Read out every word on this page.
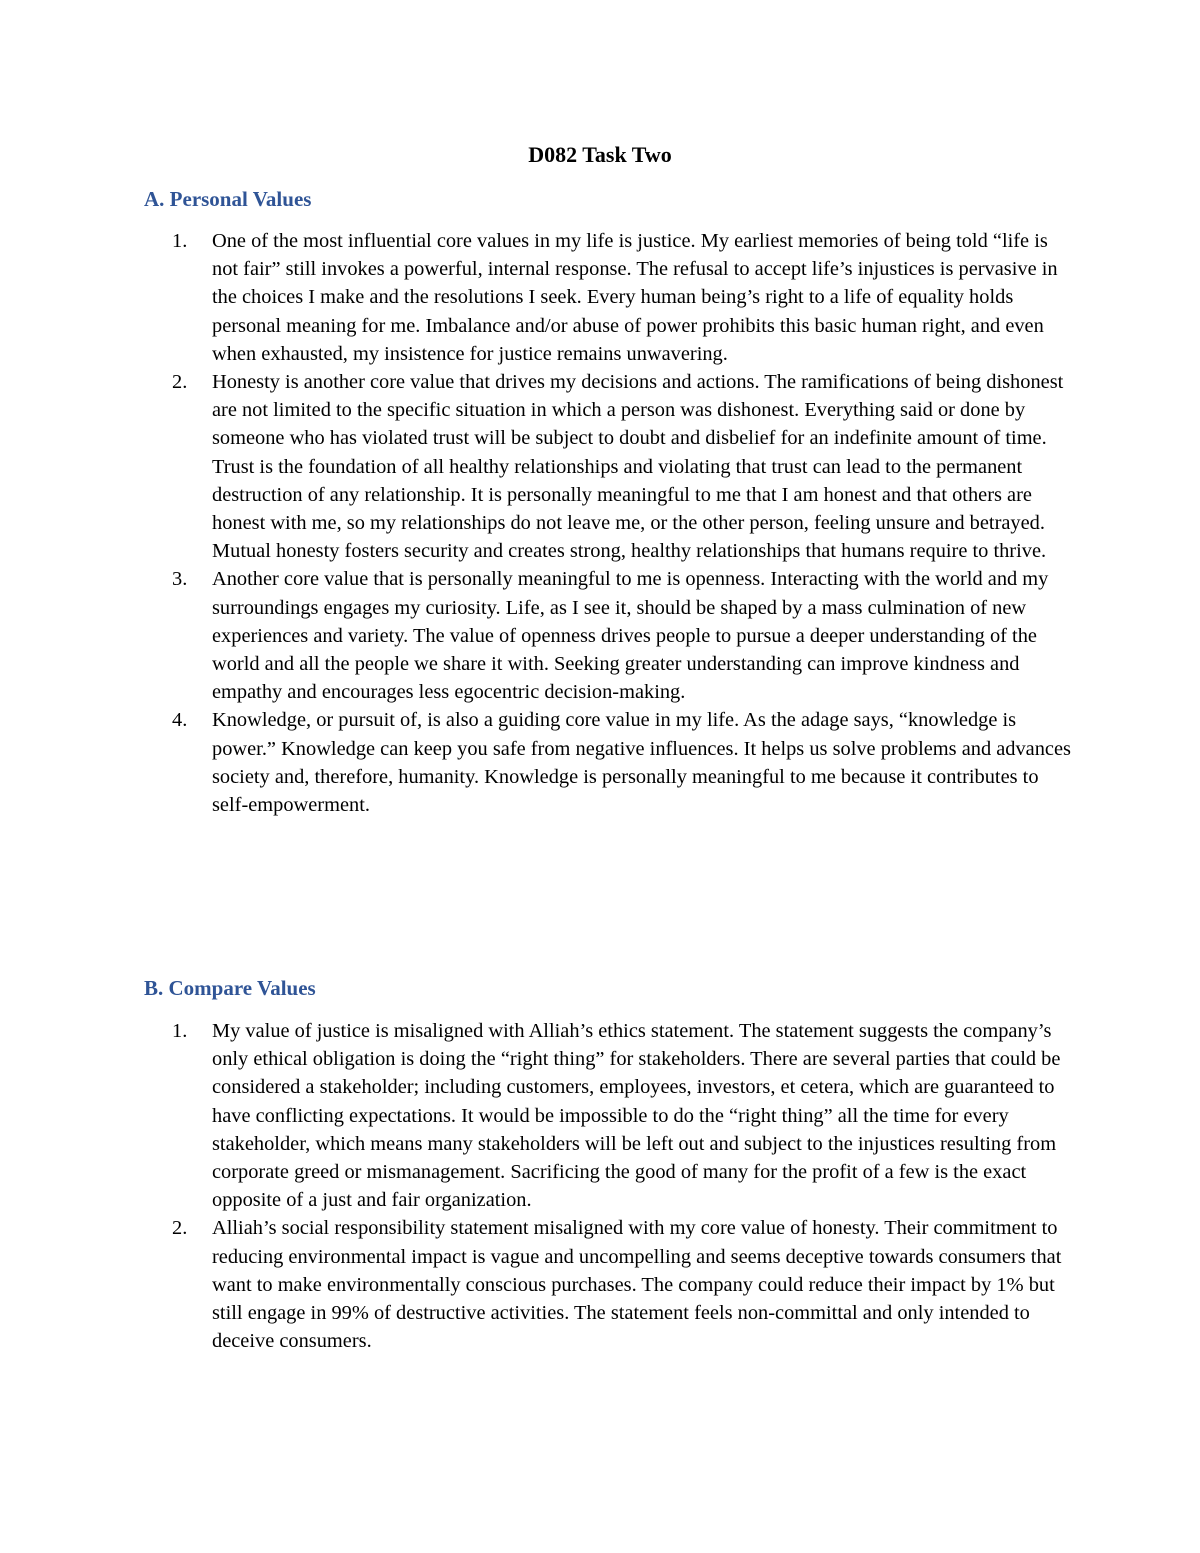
D082 Task Two
A. Personal Values
1. One of the most influential core values in my life is justice. My earliest memories of being told “life is not fair” still invokes a powerful, internal response. The refusal to accept life’s injustices is pervasive in the choices I make and the resolutions I seek. Every human being’s right to a life of equality holds personal meaning for me. Imbalance and/or abuse of power prohibits this basic human right, and even when exhausted, my insistence for justice remains unwavering.
2. Honesty is another core value that drives my decisions and actions. The ramifications of being dishonest are not limited to the specific situation in which a person was dishonest. Everything said or done by someone who has violated trust will be subject to doubt and disbelief for an indefinite amount of time. Trust is the foundation of all healthy relationships and violating that trust can lead to the permanent destruction of any relationship. It is personally meaningful to me that I am honest and that others are honest with me, so my relationships do not leave me, or the other person, feeling unsure and betrayed. Mutual honesty fosters security and creates strong, healthy relationships that humans require to thrive.
3. Another core value that is personally meaningful to me is openness. Interacting with the world and my surroundings engages my curiosity. Life, as I see it, should be shaped by a mass culmination of new experiences and variety. The value of openness drives people to pursue a deeper understanding of the world and all the people we share it with. Seeking greater understanding can improve kindness and empathy and encourages less egocentric decision-making.
4. Knowledge, or pursuit of, is also a guiding core value in my life. As the adage says, “knowledge is power.” Knowledge can keep you safe from negative influences. It helps us solve problems and advances society and, therefore, humanity. Knowledge is personally meaningful to me because it contributes to self-empowerment.
B. Compare Values
1. My value of justice is misaligned with Alliah’s ethics statement. The statement suggests the company’s only ethical obligation is doing the “right thing” for stakeholders. There are several parties that could be considered a stakeholder; including customers, employees, investors, et cetera, which are guaranteed to have conflicting expectations. It would be impossible to do the “right thing” all the time for every stakeholder, which means many stakeholders will be left out and subject to the injustices resulting from corporate greed or mismanagement. Sacrificing the good of many for the profit of a few is the exact opposite of a just and fair organization.
2. Alliah’s social responsibility statement misaligned with my core value of honesty. Their commitment to reducing environmental impact is vague and uncompelling and seems deceptive towards consumers that want to make environmentally conscious purchases. The company could reduce their impact by 1% but still engage in 99% of destructive activities. The statement feels non-committal and only intended to deceive consumers.
